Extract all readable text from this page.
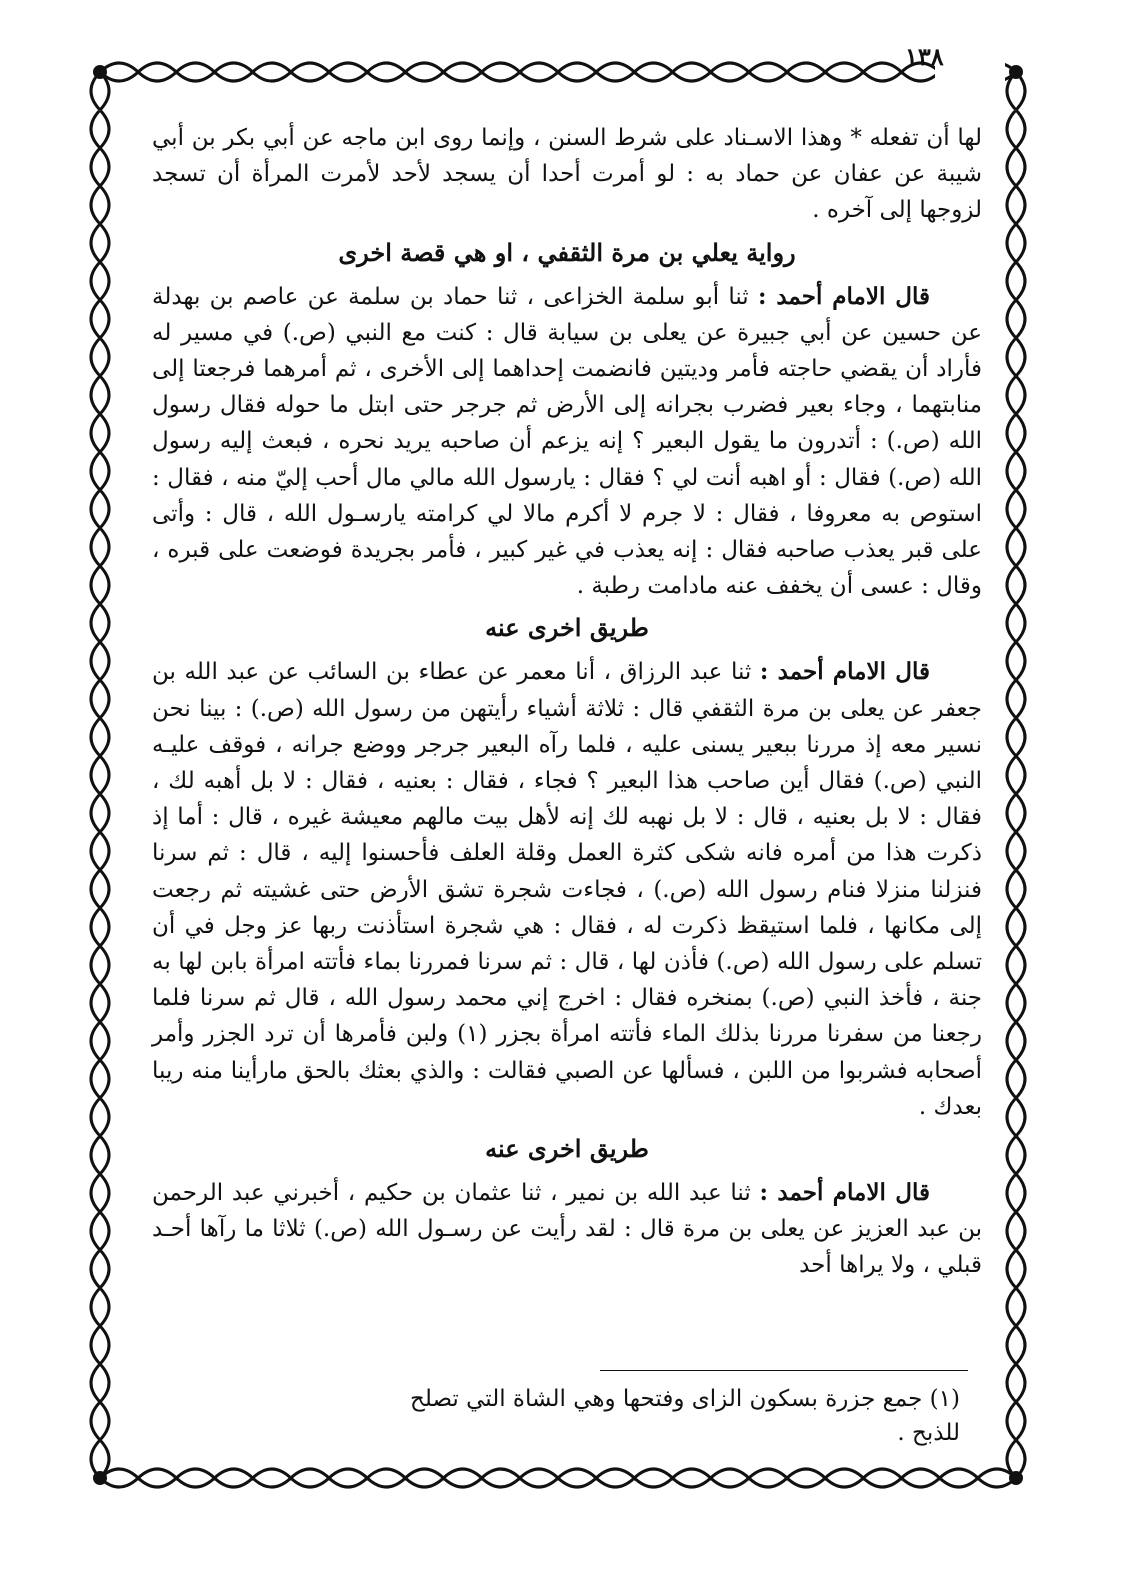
١٣٨

لها أن تفعله * وهذا الاسـناد على شرط السنن ، وإنما روى ابن ماجه عن أبي بكر بن أبي شيبة عن عفان عن حماد به : لو أمرت أحدا أن يسجد لأحد لأمرت المرأة أن تسجد لزوجها إلى آخره .

رواية يعلي بن مرة الثقفي ، او هي قصة اخرى

قال الامام أحمد : ثنا أبو سلمة الخزاعى ، ثنا حماد بن سلمة عن عاصم بن بهدلة عن حسين عن أبي جبيرة عن يعلى بن سيابة قال : كنت مع النبي (ص.) في مسير له فأراد أن يقضي حاجته فأمر وديتين فانضمت إحداهما إلى الأخرى ، ثم أمرهما فرجعتا إلى منابتهما ، وجاء بعير فضرب بجرانه إلى الأرض ثم جرجر حتى ابتل ما حوله فقال رسول الله (ص.) : أتدرون ما يقول البعير ؟ إنه يزعم أن صاحبه يريد نحره ، فبعث إليه رسول الله (ص.) فقال : أو اهبه أنت لي ؟ فقال : يارسول الله مالي مال أحب إليّ منه ، فقال : استوص به معروفا ، فقال : لا جرم لا أكرم مالا لي كرامته يارسـول الله ، قال : وأتى على قبر يعذب صاحبه فقال : إنه يعذب في غير كبير ، فأمر بجريدة فوضعت على قبره ، وقال : عسى أن يخفف عنه مادامت رطبة .

طريق اخرى عنه

قال الامام أحمد : ثنا عبد الرزاق ، أنا معمر عن عطاء بن السائب عن عبد الله بن جعفر عن يعلى بن مرة الثقفي قال : ثلاثة أشياء رأيتهن من رسول الله (ص.) : بينا نحن نسير معه إذ مررنا ببعير يسنى عليه ، فلما رآه البعير جرجر ووضع جرانه ، فوقف عليـه النبي (ص.) فقال أين صاحب هذا البعير ؟ فجاء ، فقال : بعنيه ، فقال : لا بل أهبه لك ، فقال : لا بل بعنيه ، قال : لا بل نهبه لك إنه لأهل بيت مالهم معيشة غيره ، قال : أما إذ ذكرت هذا من أمره فانه شكى كثرة العمل وقلة العلف فأحسنوا إليه ، قال : ثم سرنا فنزلنا منزلا فنام رسول الله (ص.) ، فجاءت شجرة تشق الأرض حتى غشيته ثم رجعت إلى مكانها ، فلما استيقظ ذكرت له ، فقال : هي شجرة استأذنت ربها عز وجل في أن تسلم على رسول الله (ص.) فأذن لها ، قال : ثم سرنا فمررنا بماء فأتته امرأة بابن لها به جنة ، فأخذ النبي (ص.) بمنخره فقال : اخرج إني محمد رسول الله ، قال ثم سرنا فلما رجعنا من سفرنا مررنا بذلك الماء فأتته امرأة بجزر (١) ولبن فأمرها أن ترد الجزر وأمر أصحابه فشربوا من اللبن ، فسألها عن الصبي فقالت : والذي بعثك بالحق مارأينا منه ريبا بعدك .

طريق اخرى عنه

قال الامام أحمد : ثنا عبد الله بن نمير ، ثنا عثمان بن حكيم ، أخبرني عبد الرحمن بن عبد العزيز عن يعلى بن مرة قال : لقد رأيت عن رسـول الله (ص.) ثلاثا ما رآها أحـد قبلي ، ولا يراها أحد

(١) جمع جزرة بسكون الزاى وفتحها وهي الشاة التي تصلح للذبح .
